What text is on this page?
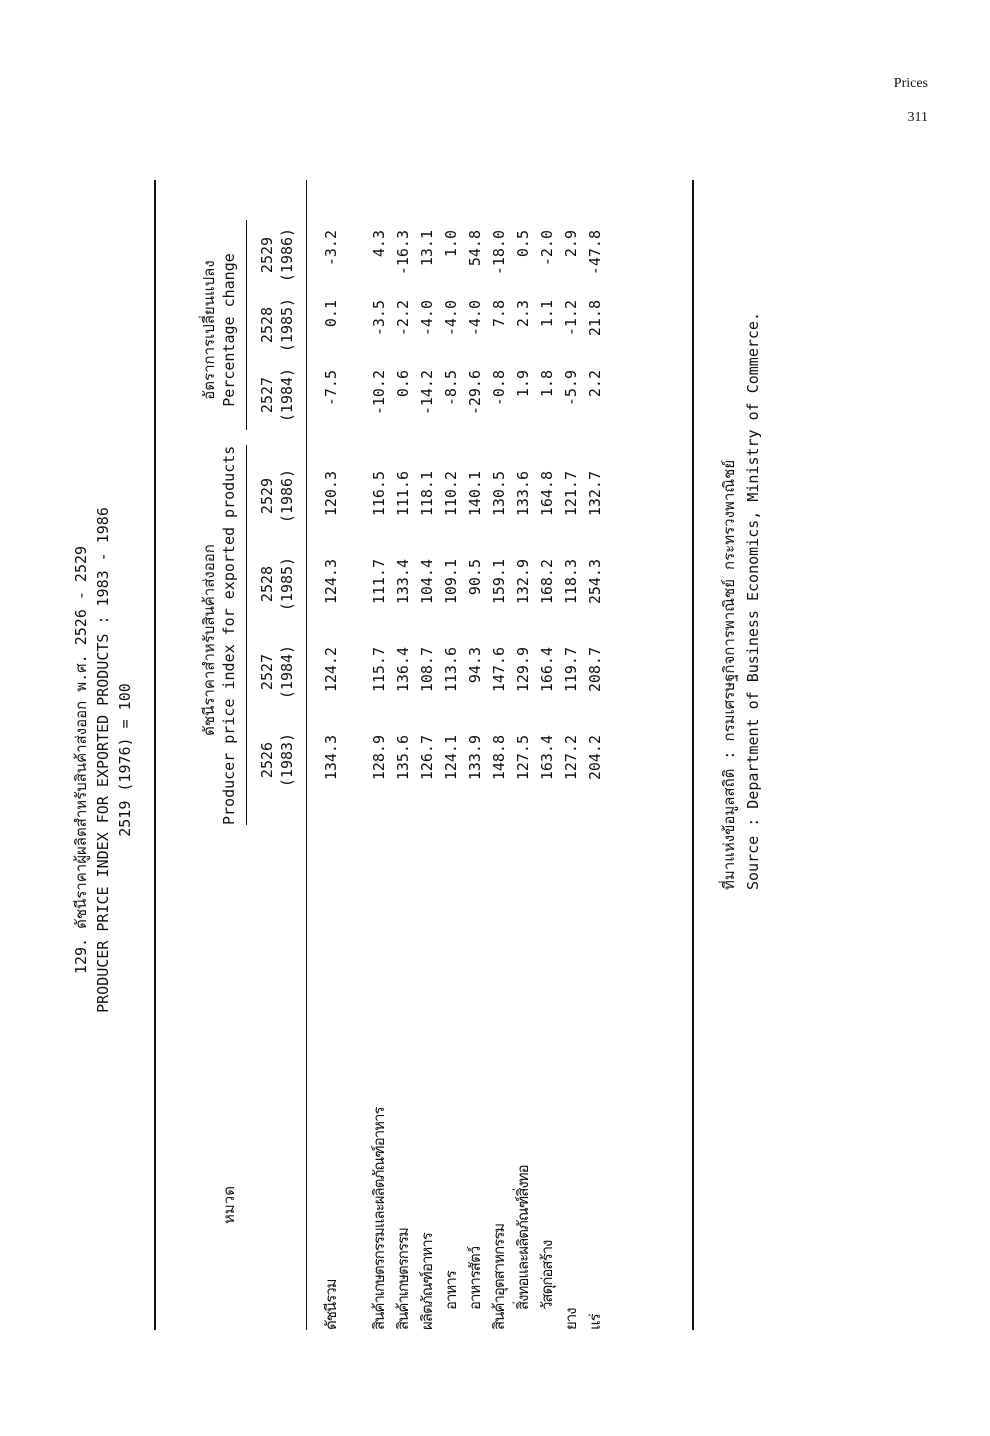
Prices
311
129. ดัชนีราคาผู้ผลิตสำหรับสินค้าส่งออก พ.ศ. 2526 - 2529 PRODUCER PRICE INDEX FOR EXPORTED PRODUCTS : 1983 - 1986 2519 (1976) = 100
หมวด
ดัชนีราคาสำหรับสินค้าส่งออก Producer price index for exported products
อัตราการเปลี่ยนแปลง Percentage change
2526 (1983)
2527 (1984)
2528 (1985)
2529 (1986)
2527 (1984)
2528 (1985)
2529 (1986)
ดัชนีรวม
134.3
124.2
124.3
120.3
-7.5
0.1
-3.2
สินค้าเกษตรกรรมและผลิตภัณฑ์อาหาร
128.9
115.7
111.7
116.5
-10.2
-3.5
4.3
สินค้าเกษตรกรรม
135.6
136.4
133.4
111.6
0.6
-2.2
-16.3
ผลิตภัณฑ์อาหาร
126.7
108.7
104.4
118.1
-14.2
-4.0
13.1
อาหาร
124.1
113.6
109.1
110.2
-8.5
-4.0
1.0
อาหารสัตว์
133.9
94.3
90.5
140.1
-29.6
-4.0
54.8
สินค้าอุตสาหกรรม
148.8
147.6
159.1
130.5
-0.8
7.8
-18.0
สิ่งทอและผลิตภัณฑ์สิ่งทอ
127.5
129.9
132.9
133.6
1.9
2.3
0.5
วัสดุก่อสร้าง
163.4
166.4
168.2
164.8
1.8
1.1
-2.0
ยาง
127.2
119.7
118.3
121.7
-5.9
-1.2
2.9
แร่
204.2
208.7
254.3
132.7
2.2
21.8
-47.8
ที่มาแห่งข้อมูลสถิติ : กรมเศรษฐกิจการพาณิชย์ กระทรวงพาณิชย์ Source : Department of Business Economics, Ministry of Commerce.
